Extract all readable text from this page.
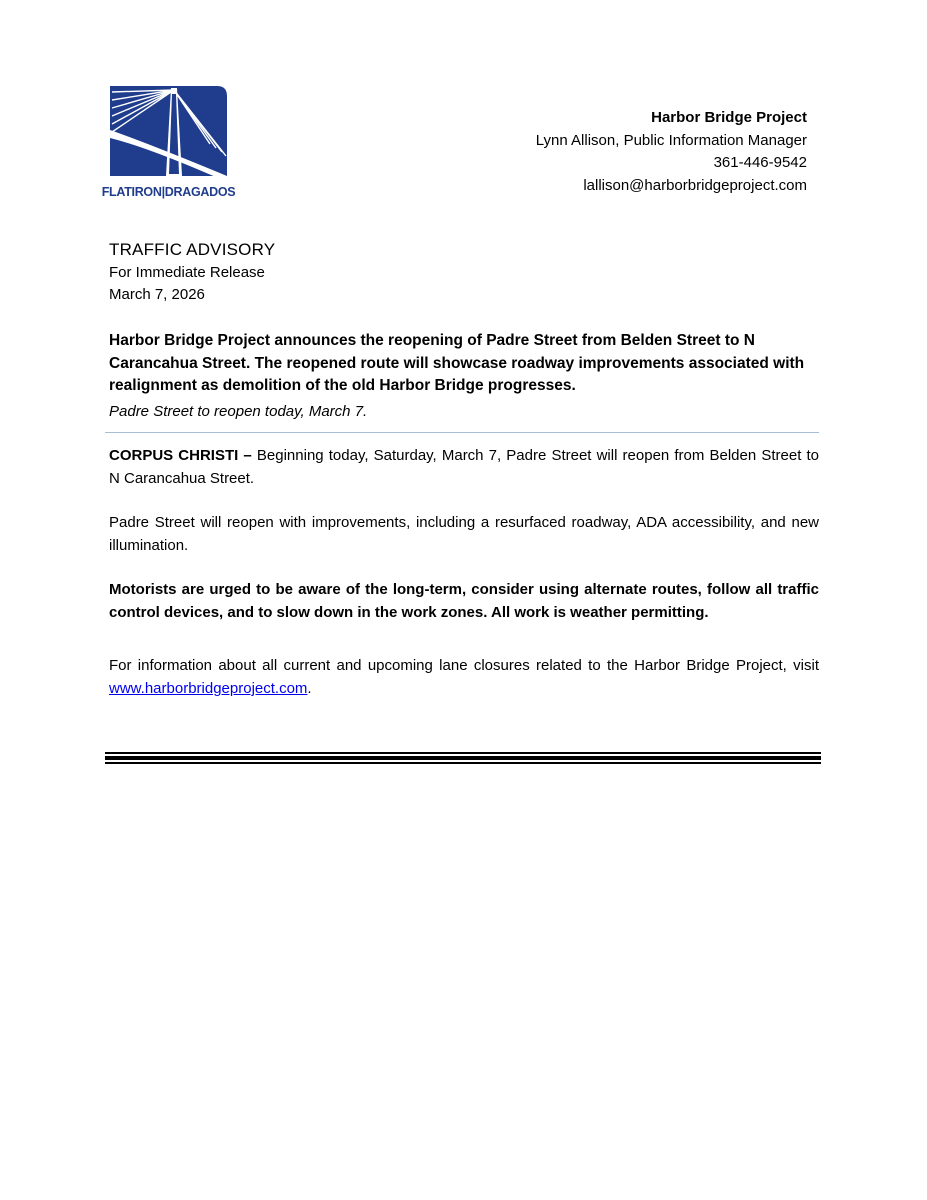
FLATIRON|DRAGADOS
Harbor Bridge Project
Lynn Allison, Public Information Manager
361-446-9542
lallison@harborbridgeproject.com
TRAFFIC ADVISORY
For Immediate Release
March 7, 2026
Harbor Bridge Project announces the reopening of Padre Street from Belden Street to N Carancahua Street. The reopened route will showcase roadway improvements associated with realignment as demolition of the old Harbor Bridge progresses.
Padre Street to reopen today, March 7.
CORPUS CHRISTI – Beginning today, Saturday, March 7, Padre Street will reopen from Belden Street to N Carancahua Street.
Padre Street will reopen with improvements, including a resurfaced roadway, ADA accessibility, and new illumination.
Motorists are urged to be aware of the long-term, consider using alternate routes, follow all traffic control devices, and to slow down in the work zones. All work is weather permitting.
For information about all current and upcoming lane closures related to the Harbor Bridge Project, visit www.harborbridgeproject.com.
